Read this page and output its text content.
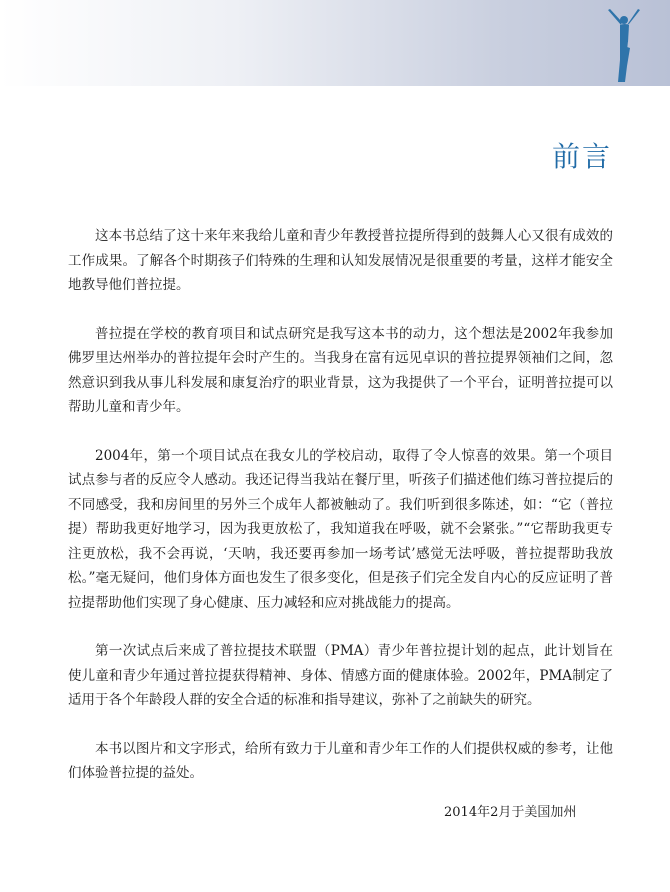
前言

这本书总结了这十来年来我给儿童和青少年教授普拉提所得到的鼓舞人心又很有成效的工作成果。了解各个时期孩子们特殊的生理和认知发展情况是很重要的考量，这样才能安全地教导他们普拉提。

普拉提在学校的教育项目和试点研究是我写这本书的动力，这个想法是2002年我参加佛罗里达州举办的普拉提年会时产生的。当我身在富有远见卓识的普拉提界领袖们之间，忽然意识到我从事儿科发展和康复治疗的职业背景，这为我提供了一个平台，证明普拉提可以帮助儿童和青少年。

2004年，第一个项目试点在我女儿的学校启动，取得了令人惊喜的效果。第一个项目试点参与者的反应令人感动。我还记得当我站在餐厅里，听孩子们描述他们练习普拉提后的不同感受，我和房间里的另外三个成年人都被触动了。我们听到很多陈述，如：“它（普拉提）帮助我更好地学习，因为我更放松了，我知道我在呼吸，就不会紧张。”“它帮助我更专注更放松，我不会再说，‘天呐，我还要再参加一场考试’感觉无法呼吸，普拉提帮助我放松。”毫无疑问，他们身体方面也发生了很多变化，但是孩子们完全发自内心的反应证明了普拉提帮助他们实现了身心健康、压力减轻和应对挑战能力的提高。

第一次试点后来成了普拉提技术联盟（PMA）青少年普拉提计划的起点，此计划旨在使儿童和青少年通过普拉提获得精神、身体、情感方面的健康体验。2002年，PMA制定了适用于各个年龄段人群的安全合适的标准和指导建议，弥补了之前缺失的研究。

本书以图片和文字形式，给所有致力于儿童和青少年工作的人们提供权威的参考，让他们体验普拉提的益处。

2014年2月于美国加州
